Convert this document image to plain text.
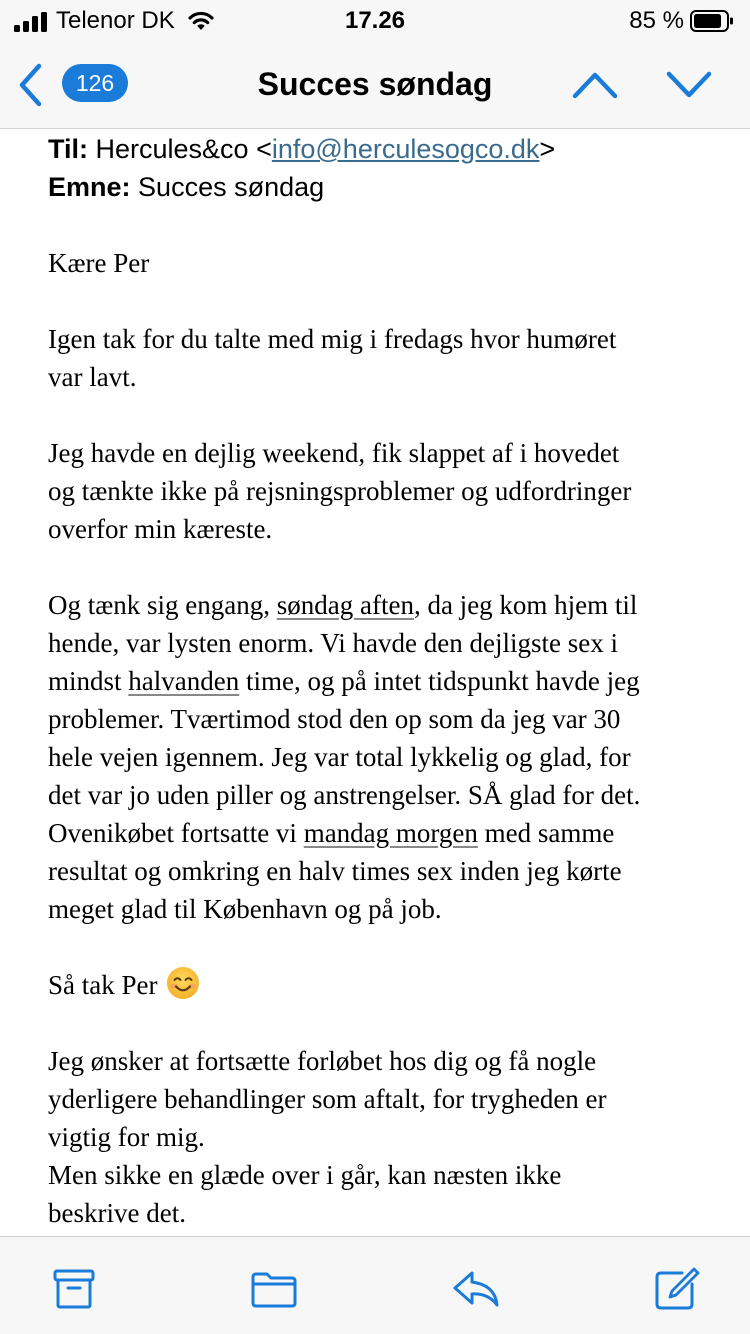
Telenor DK	17.26	85 %
126	Succes søndag
Til: Hercules&co <info@herculesogco.dk>
Emne: Succes søndag

Kære Per

Igen tak for du talte med mig i fredags hvor humøret
var lavt.

Jeg havde en dejlig weekend, fik slappet af i hovedet
og tænkte ikke på rejsningsproblemer og udfordringer
overfor min kæreste.

Og tænk sig engang, søndag aften, da jeg kom hjem til
hende, var lysten enorm. Vi havde den dejligste sex i
mindst halvanden time, og på intet tidspunkt havde jeg
problemer. Tværtimod stod den op som da jeg var 30
hele vejen igennem. Jeg var total lykkelig og glad, for
det var jo uden piller og anstrengelser. SÅ glad for det.
Ovenikøbet fortsatte vi mandag morgen med samme
resultat og omkring en halv times sex inden jeg kørte
meget glad til København og på job.

Så tak Per

Jeg ønsker at fortsætte forløbet hos dig og få nogle
yderligere behandlinger som aftalt, for trygheden er
vigtig for mig.
Men sikke en glæde over i går, kan næsten ikke
beskrive det.
